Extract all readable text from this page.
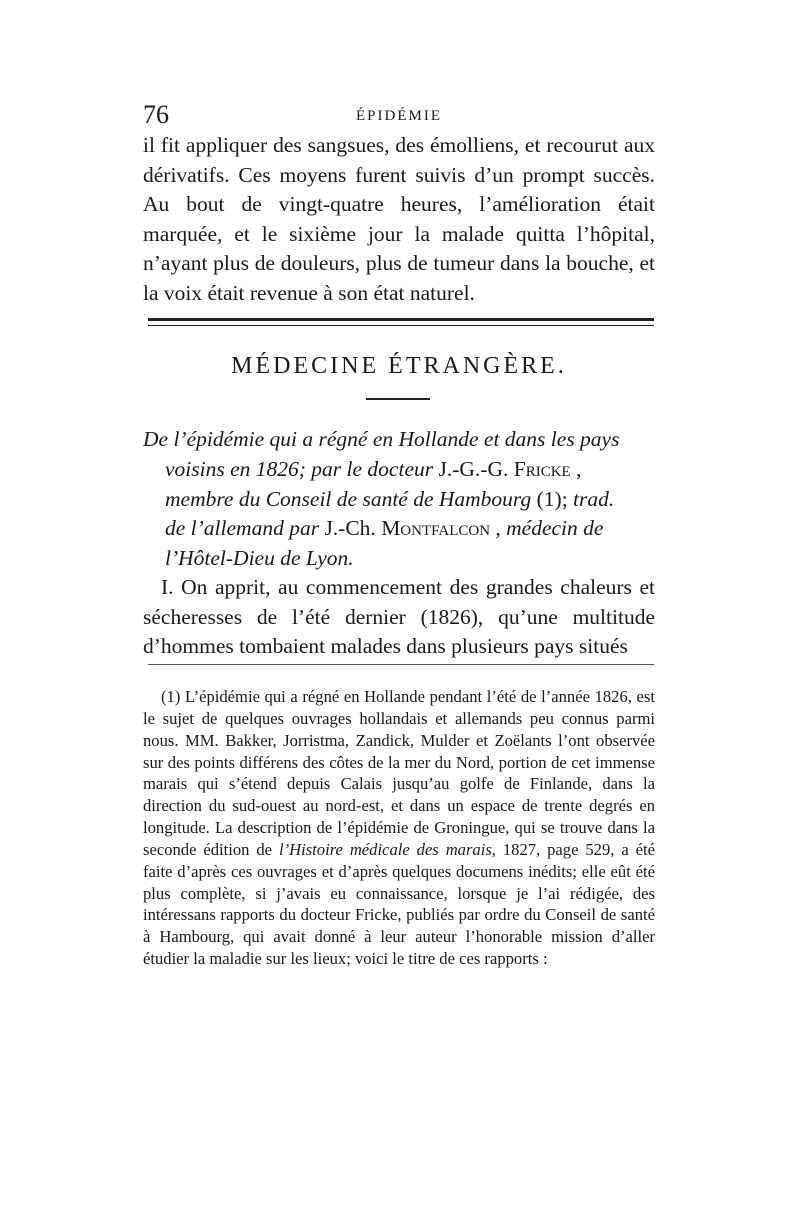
76	ÉPIDÉMIE

il fit appliquer des sangsues, des émolliens, et recourut aux dérivatifs. Ces moyens furent suivis d’un prompt succès. Au bout de vingt-quatre heures, l’amélioration était marquée, et le sixième jour la malade quitta l’hôpital, n’ayant plus de douleurs, plus de tumeur dans la bouche, et la voix était revenue à son état naturel.

MÉDECINE ÉTRANGÈRE.
De l’épidémie qui a régné en Hollande et dans les pays
voisins en 1826; par le docteur J.-G.-G. Fricke ,
membre du Conseil de santé de Hambourg (1); trad.
de l’allemand par J.-Ch. Montfalcon , médecin de
l’Hôtel-Dieu de Lyon.

I. On apprit, au commencement des grandes chaleurs et sécheresses de l’été dernier (1826), qu’une multitude d’hommes tombaient malades dans plusieurs pays situés

(1) L’épidémie qui a régné en Hollande pendant l’été de l’année 1826, est le sujet de quelques ouvrages hollandais et allemands peu connus parmi nous. MM. Bakker, Jorristma, Zandick, Mulder et Zoëlants l’ont observée sur des points différens des côtes de la mer du Nord, portion de cet immense marais qui s’étend depuis Calais jusqu’au golfe de Finlande, dans la direction du sud-ouest au nord-est, et dans un espace de trente degrés en longitude. La description de l’épidémie de Groningue, qui se trouve dans la seconde édition de l’Histoire médicale des marais, 1827, page 529, a été faite d’après ces ouvrages et d’après quelques documens inédits; elle eût été plus complète, si j’avais eu connaissance, lorsque je l’ai rédigée, des intéressans rapports du docteur Fricke, publiés par ordre du Conseil de santé à Hambourg, qui avait donné à leur auteur l’honorable mission d’aller étudier la maladie sur les lieux; voici le titre de ces rapports :
